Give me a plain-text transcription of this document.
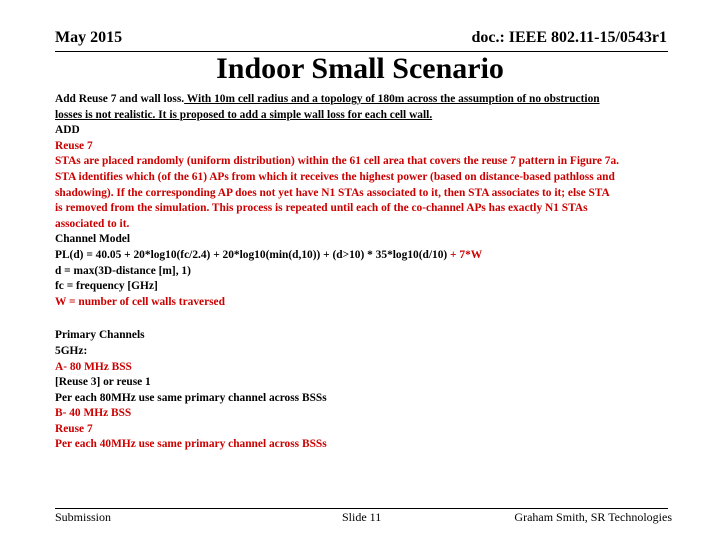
May 2015	doc.: IEEE 802.11-15/0543r1
Indoor Small Scenario
Add Reuse 7 and wall loss. With 10m cell radius and a topology of 180m across the assumption of no obstruction
losses is not realistic. It is proposed to add a simple wall loss for each cell wall.
ADD
Reuse 7
STAs are placed randomly (uniform distribution) within the 61 cell area that covers the reuse 7 pattern in Figure 7a.
STA identifies which (of the 61) APs from which it receives the highest power (based on distance-based pathloss and
shadowing). If the corresponding AP does not yet have N1 STAs associated to it, then STA associates to it; else STA
is removed from the simulation. This process is repeated until each of the co-channel APs has exactly N1 STAs
associated to it.
Channel Model
PL(d) = 40.05 + 20*log10(fc/2.4) + 20*log10(min(d,10)) + (d>10) * 35*log10(d/10) + 7*W
d = max(3D-distance [m], 1)
fc = frequency [GHz]
W = number of cell walls traversed
Primary Channels
5GHz:
A- 80 MHz BSS
[Reuse 3] or reuse 1
Per each 80MHz use same primary channel across BSSs
B- 40 MHz BSS
Reuse 7
Per each 40MHz use same primary channel across BSSs
Submission	Slide 11	Graham Smith, SR Technologies
